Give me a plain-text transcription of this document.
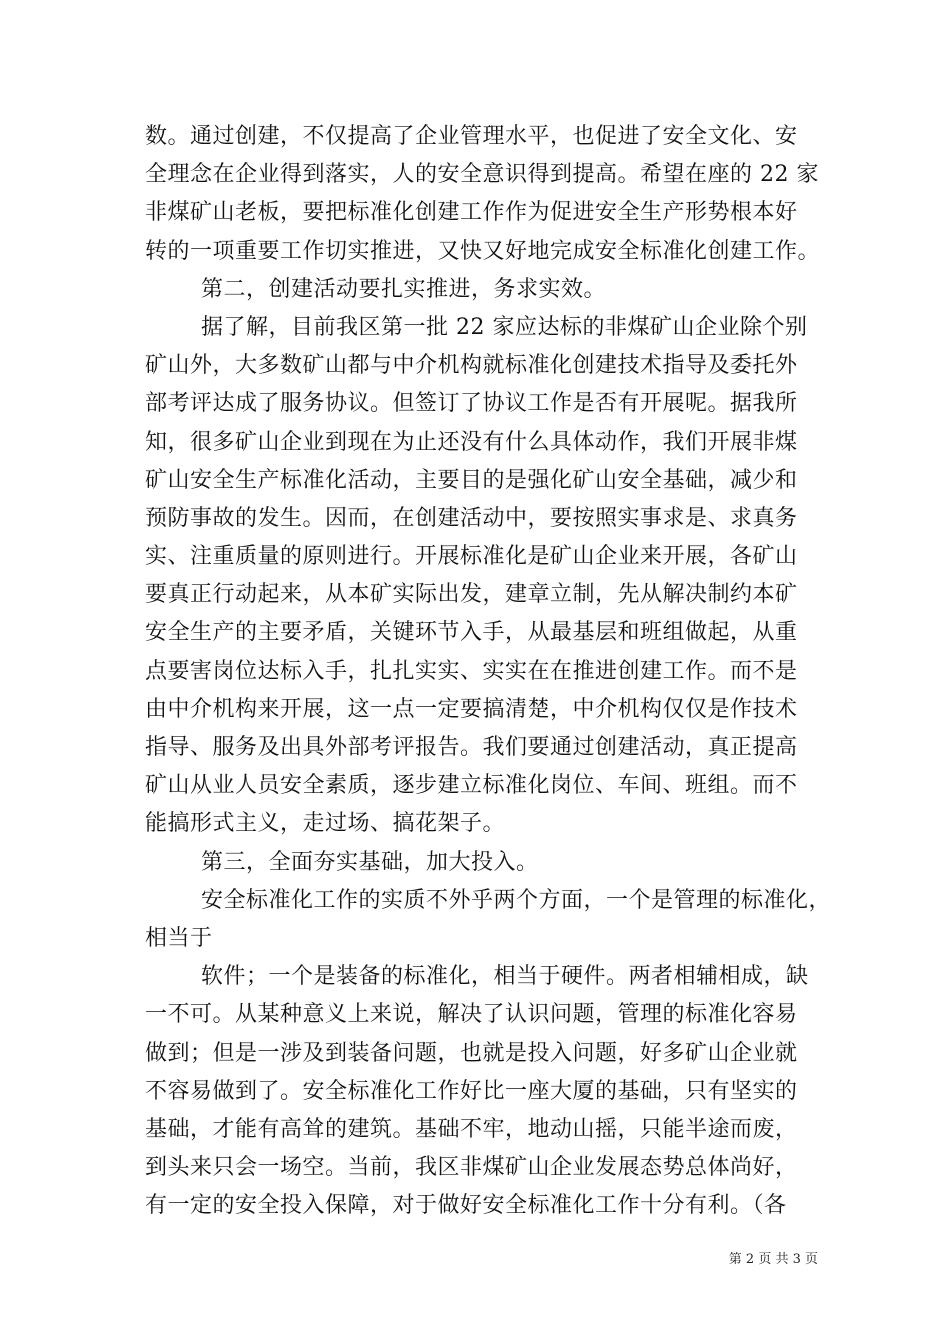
数。通过创建，不仅提高了企业管理水平，也促进了安全文化、安
全理念在企业得到落实，人的安全意识得到提高。希望在座的 22 家
非煤矿山老板，要把标准化创建工作作为促进安全生产形势根本好
转的一项重要工作切实推进，又快又好地完成安全标准化创建工作。
第二，创建活动要扎实推进，务求实效。
据了解，目前我区第一批 22 家应达标的非煤矿山企业除个别
矿山外，大多数矿山都与中介机构就标准化创建技术指导及委托外
部考评达成了服务协议。但签订了协议工作是否有开展呢。据我所
知，很多矿山企业到现在为止还没有什么具体动作，我们开展非煤
矿山安全生产标准化活动，主要目的是强化矿山安全基础，减少和
预防事故的发生。因而，在创建活动中，要按照实事求是、求真务
实、注重质量的原则进行。开展标准化是矿山企业来开展，各矿山
要真正行动起来，从本矿实际出发，建章立制，先从解决制约本矿
安全生产的主要矛盾，关键环节入手，从最基层和班组做起，从重
点要害岗位达标入手，扎扎实实、实实在在推进创建工作。而不是
由中介机构来开展，这一点一定要搞清楚，中介机构仅仅是作技术
指导、服务及出具外部考评报告。我们要通过创建活动，真正提高
矿山从业人员安全素质，逐步建立标准化岗位、车间、班组。而不
能搞形式主义，走过场、搞花架子。
第三，全面夯实基础，加大投入。
安全标准化工作的实质不外乎两个方面，一个是管理的标准化，
相当于
软件；一个是装备的标准化，相当于硬件。两者相辅相成，缺
一不可。从某种意义上来说，解决了认识问题，管理的标准化容易
做到；但是一涉及到装备问题，也就是投入问题，好多矿山企业就
不容易做到了。安全标准化工作好比一座大厦的基础，只有坚实的
基础，才能有高耸的建筑。基础不牢，地动山摇，只能半途而废，
到头来只会一场空。当前，我区非煤矿山企业发展态势总体尚好，
有一定的安全投入保障，对于做好安全标准化工作十分有利。（各
第 2 页 共 3 页
